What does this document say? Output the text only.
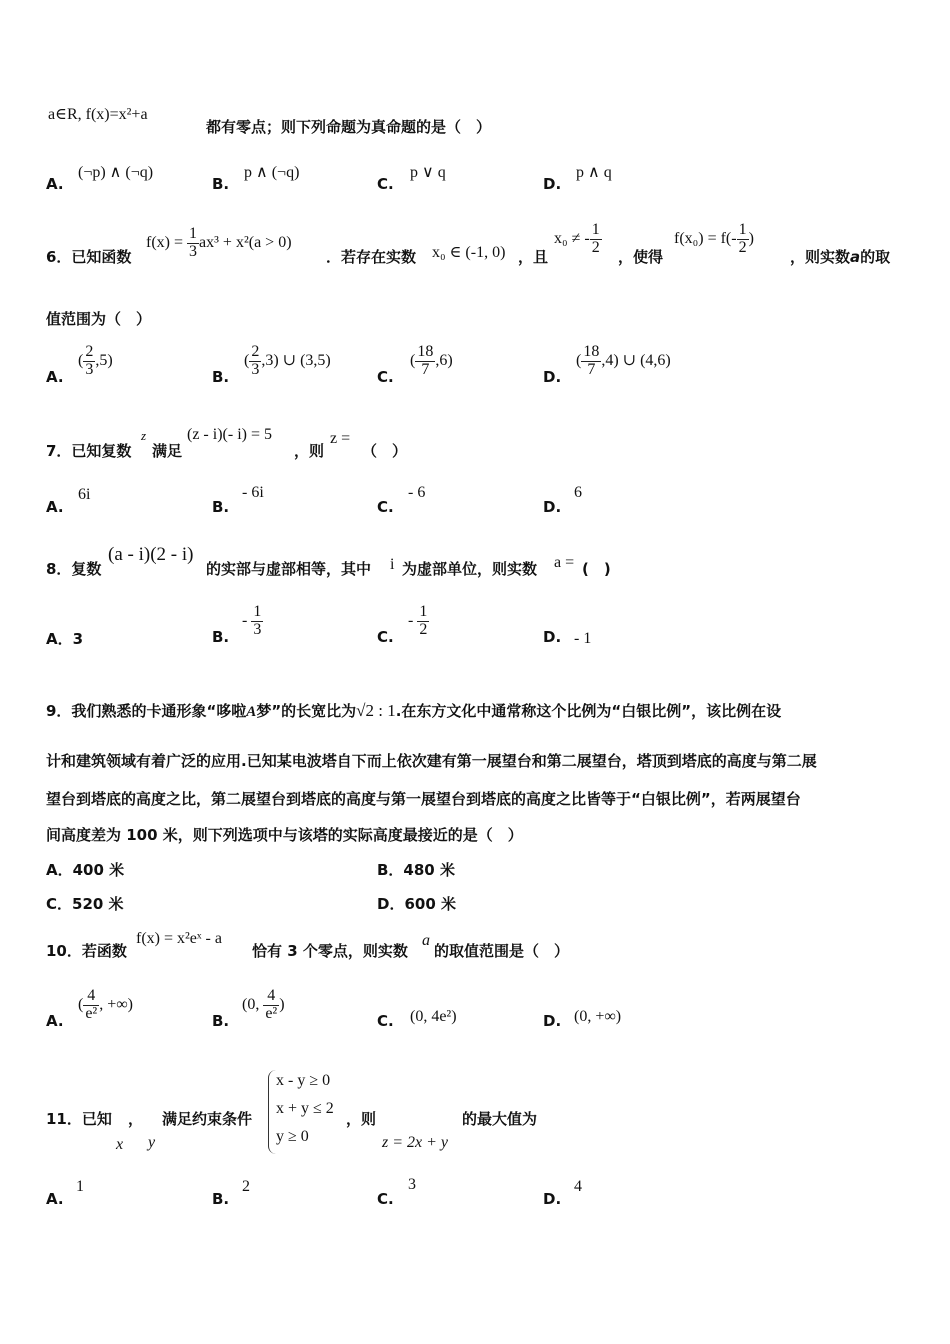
a∈R, f(x)=x²+a
都有零点；则下列命题为真命题的是（　）
A.
(¬p) ∧ (¬q)
B.
p ∧ (¬q)
C.
p ∨ q
D.
p ∧ q
6．已知函数
$f(x) = \frac{1}{3} ax^3 + x^2(a > 0)$
．若存在实数 x₀ ∈ (-1, 0) ，且
x₀ ≠ - $\frac{1}{2}$
，使得
$f(x_0) = f(- \frac{1}{2}$ )
，则实数a的取
值范围为（　）
A.
( $\frac{2}{3} ,5$)
B.
( $\frac{2}{3} ,3$) ∪ (3,5)
C.
( $\frac{18}{7} ,6$)
D.
( $\frac{18}{7} ,4$) ∪ (4,6)
7．已知复数
z
满足
(z - i)(- i) = 5
，则
z =
（　）
A.
6i
B.
- 6i
C.
- 6
D.
6
8．复数
(a - i)(2 - i)
的实部与虚部相等，其中 i 为虚部单位，则实数 a = (　)
A．3	B.
- $\frac{1}{3}$	C.
- $\frac{1}{2}$	D. - 1
9．我们熟悉的卡通形象“哆啦A梦”的长宽比为√2 : 1.在东方文化中通常称这个比例为“白银比例”，该比例在设
计和建筑领域有着广泛的应用.已知某电波塔自下而上依次建有第一展望台和第二展望台，塔顶到塔底的高度与第二展
望台到塔底的高度之比，第二展望台到塔底的高度与第一展望台到塔底的高度之比皆等于“白银比例”，若两展望台
间高度差为 100 米，则下列选项中与该塔的实际高度最接近的是（　）
A．400 米	B．480 米
C．520 米	D．600 米
10．若函数
f(x) = x²eˣ - a
恰有 3 个零点，则实数
a
的取值范围是（　）
A.
( $\frac{4}{\text{e²}}$ , +∞)
B.
(0, $\frac{4}{\text{e²}}$ )
C. (0, 4e²)	D. (0, +∞)
11．已知 ， 满足约束条件
x y
x - y ≥ 0
x + y ≤ 2
y ≥ 0
，则
z = 2x + y
的最大值为
A.
1
B.
2
C.
3
D.
4
